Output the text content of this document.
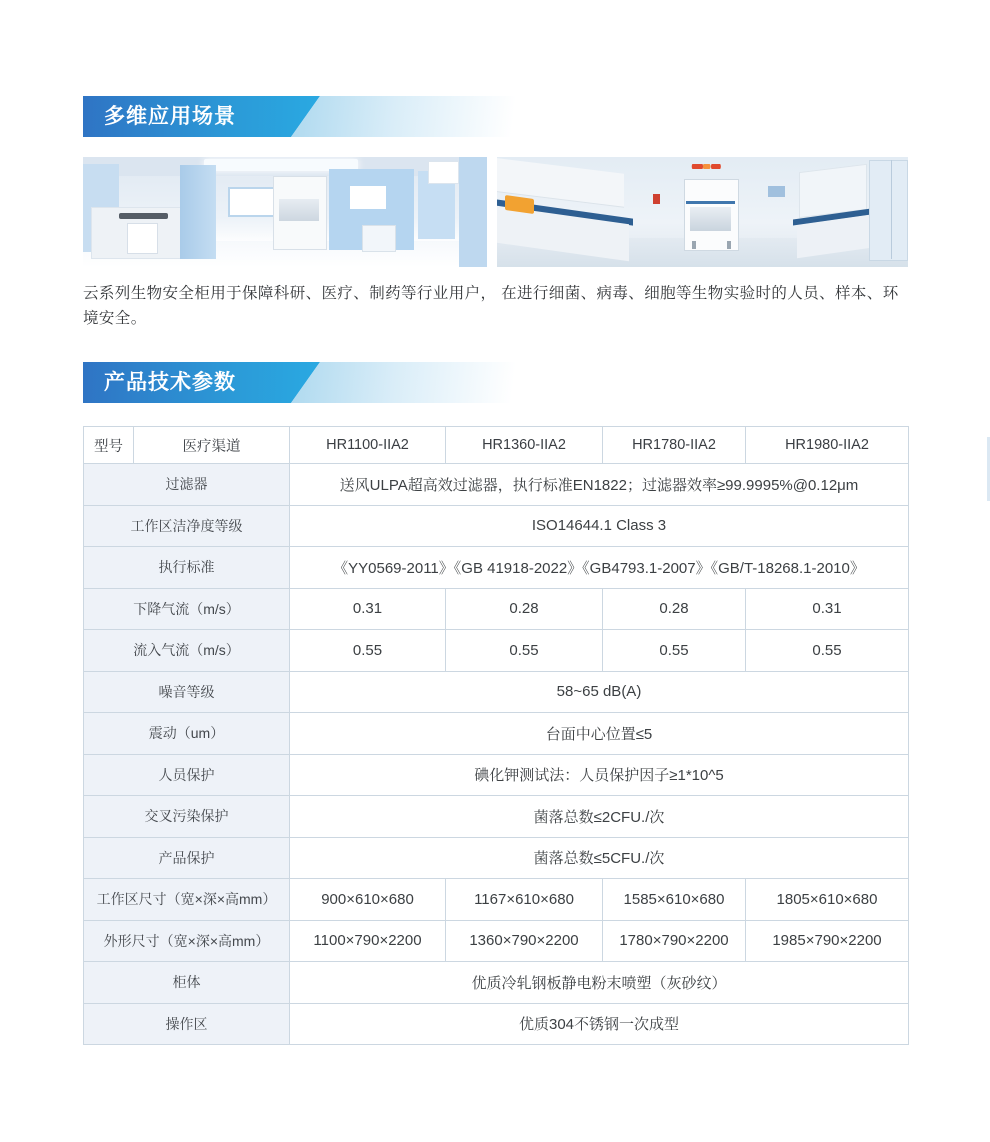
多维应用场景
云系列生物安全柜用于保障科研、医疗、制药等行业用户， 在进行细菌、病毒、细胞等生物实验时的人员、样本、环境安全。
产品技术参数
型号	医疗渠道	HR1100-IIA2	HR1360-IIA2	HR1780-IIA2	HR1980-IIA2
过滤器		送风ULPA超高效过滤器，执行标准EN1822；过滤器效率≥99.9995%@0.12μm			
工作区洁净度等级		ISO14644.1 Class 3			
执行标准		《YY0569-2011》《GB 41918-2022》《GB4793.1-2007》《GB/T-18268.1-2010》			
下降气流（m/s）		0.31	0.28	0.28	0.31
流入气流（m/s）		0.55	0.55	0.55	0.55
噪音等级		58~65 dB(A)			
震动（um）		台面中心位置≤5			
人员保护		碘化钾测试法：人员保护因子≥1*10^5			
交叉污染保护		菌落总数≤2CFU./次			
产品保护		菌落总数≤5CFU./次			
工作区尺寸（宽×深×高mm）		900×610×680	1167×610×680	1585×610×680	1805×610×680
外形尺寸（宽×深×高mm）		1100×790×2200	1360×790×2200	1780×790×2200	1985×790×2200
柜体		优质冷轧钢板静电粉末喷塑（灰砂纹）			
操作区		优质304不锈钢一次成型			
